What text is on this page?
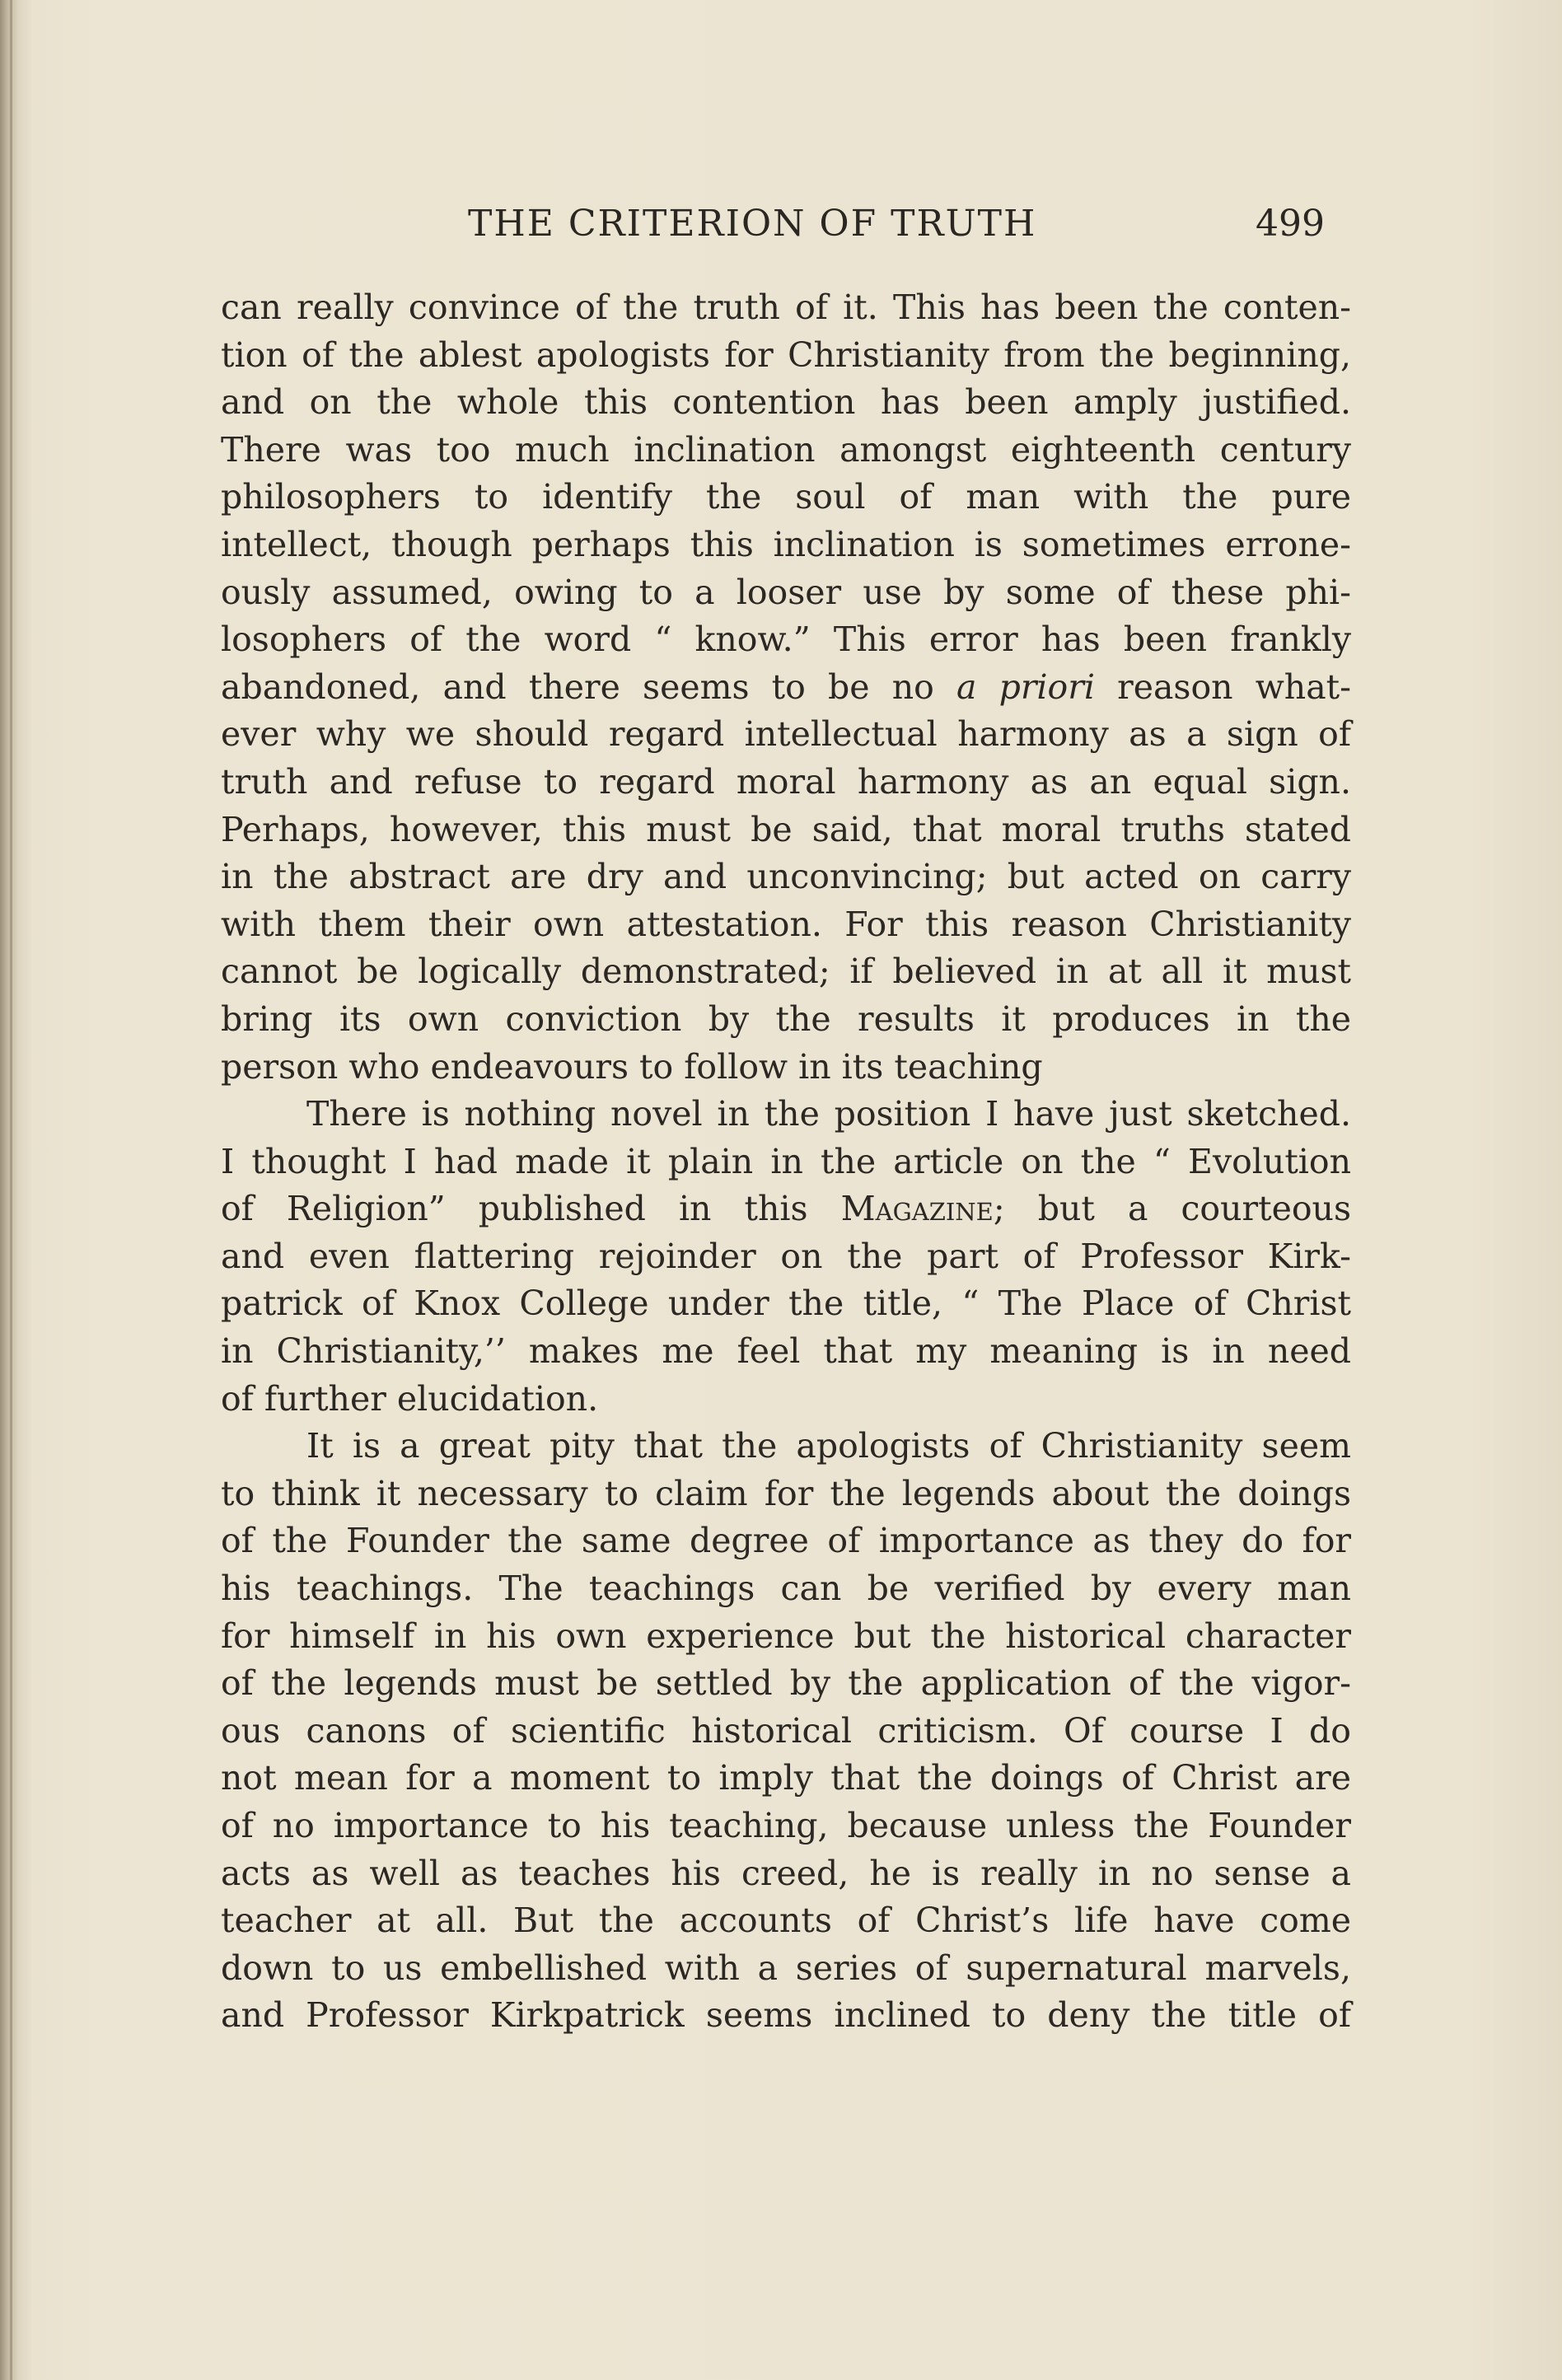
THE CRITERION OF TRUTH	499
can really convince of the truth of it. This has been the conten-
tion of the ablest apologists for Christianity from the beginning,
and on the whole this contention has been amply justified.
There was too much inclination amongst eighteenth century
philosophers to identify the soul of man with the pure
intellect, though perhaps this inclination is sometimes errone-
ously assumed, owing to a looser use by some of these phi-
losophers of the word “ know.” This error has been frankly
abandoned, and there seems to be no a priori reason what-
ever why we should regard intellectual harmony as a sign of
truth and refuse to regard moral harmony as an equal sign.
Perhaps, however, this must be said, that moral truths stated
in the abstract are dry and unconvincing; but acted on carry
with them their own attestation. For this reason Christianity
cannot be logically demonstrated; if believed in at all it must
bring its own conviction by the results it produces in the
person who endeavours to follow in its teaching
There is nothing novel in the position I have just sketched.
I thought I had made it plain in the article on the “ Evolution
of Religion” published in this Magazine; but a courteous
and even flattering rejoinder on the part of Professor Kirk-
patrick of Knox College under the title, “ The Place of Christ
in Christianity,’’ makes me feel that my meaning is in need
of further elucidation.
It is a great pity that the apologists of Christianity seem
to think it necessary to claim for the legends about the doings
of the Founder the same degree of importance as they do for
his teachings. The teachings can be verified by every man
for himself in his own experience but the historical character
of the legends must be settled by the application of the vigor-
ous canons of scientific historical criticism. Of course I do
not mean for a moment to imply that the doings of Christ are
of no importance to his teaching, because unless the Founder
acts as well as teaches his creed, he is really in no sense a
teacher at all. But the accounts of Christ’s life have come
down to us embellished with a series of supernatural marvels,
and Professor Kirkpatrick seems inclined to deny the title of
